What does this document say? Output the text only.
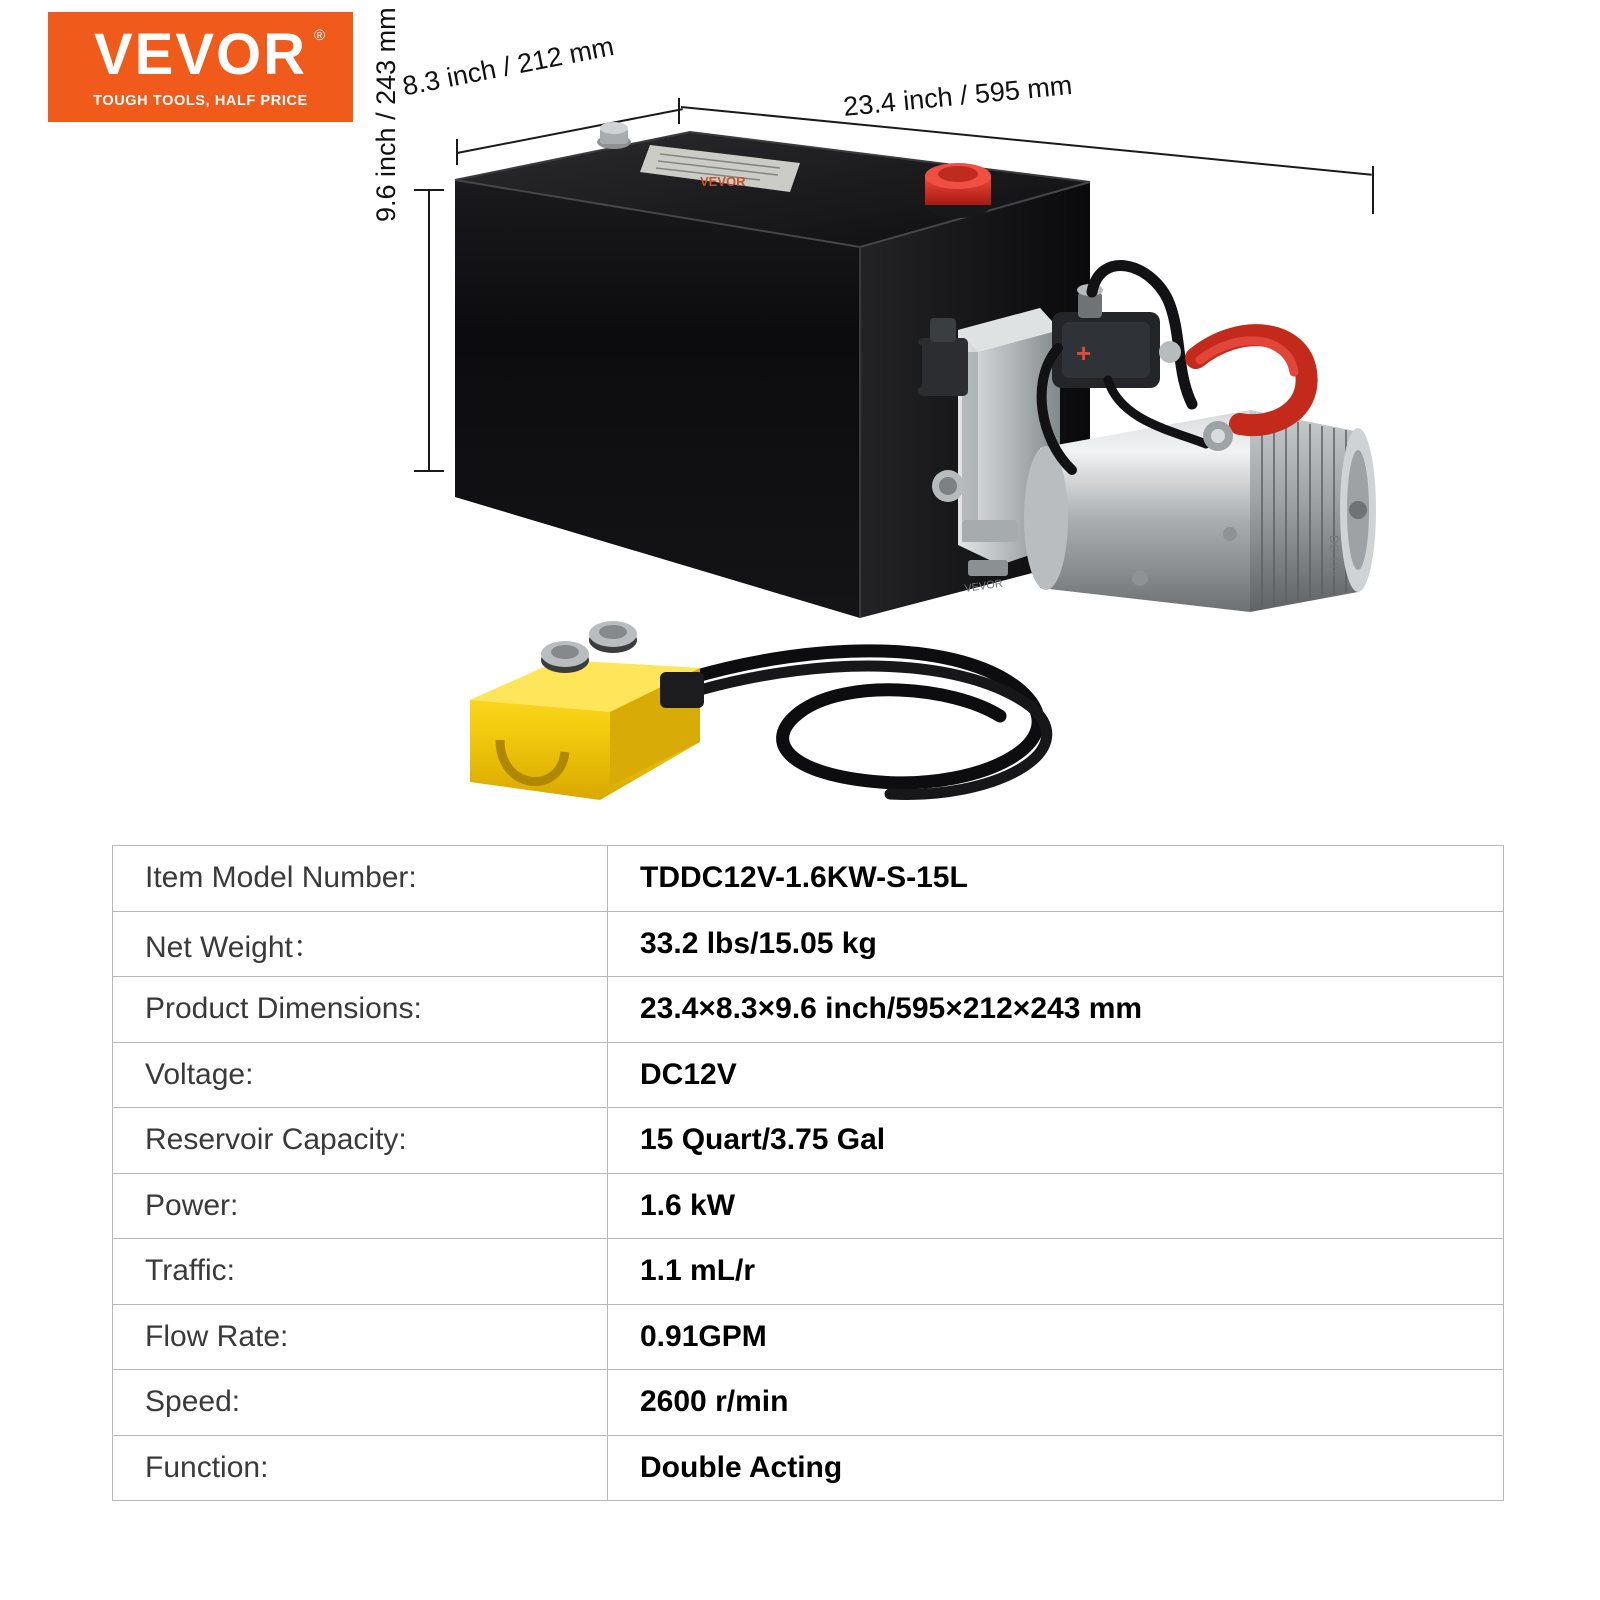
VEVOR ®
TOUGH TOOLS, HALF PRICE	8.3 inch / 212 mm	23.4 inch / 595 mm
9.6 inch / 243 mm	VEVOR
VEVOR
DC 12V
+
Item Model Number:	TDDC12V-1.6KW-S-15L
Net Weight：	33.2 lbs/15.05 kg
Product Dimensions:	23.4×8.3×9.6 inch/595×212×243 mm
Voltage:	DC12V
Reservoir Capacity:	15 Quart/3.75 Gal
Power:	1.6 kW
Traffic:	1.1 mL/r
Flow Rate:	0.91GPM
Speed:	2600 r/min
Function:	Double Acting
